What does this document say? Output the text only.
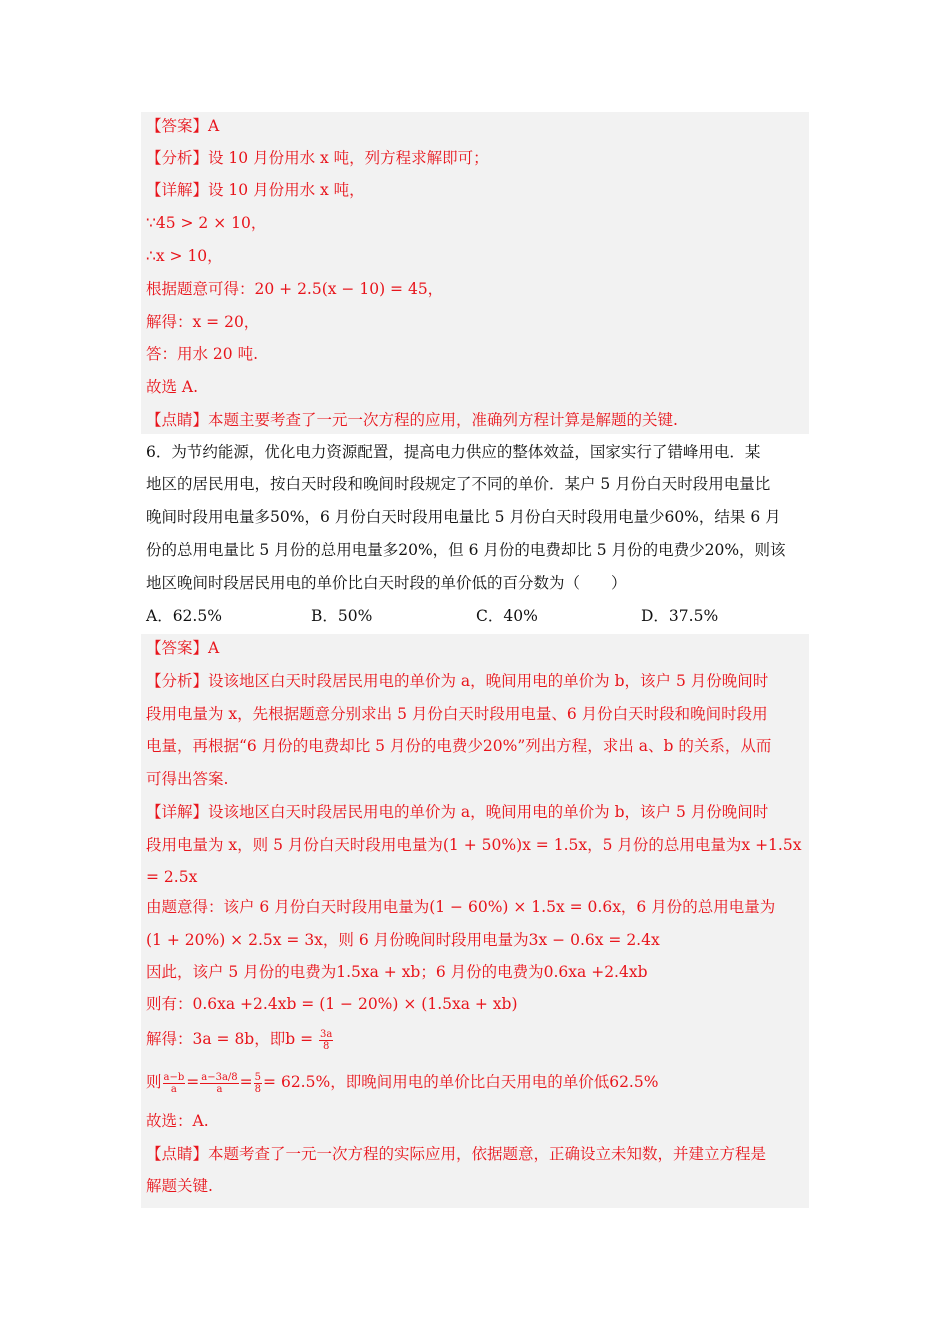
【答案】A
【分析】设 10 月份用水 x 吨，列方程求解即可；
【详解】设 10 月份用水 x 吨，
∵45 > 2 × 10，
∴x > 10，
根据题意可得：20 + 2.5(x − 10) = 45，
解得：x = 20，
答：用水 20 吨.
故选 A.
【点睛】本题主要考查了一元一次方程的应用，准确列方程计算是解题的关键.
6．为节约能源，优化电力资源配置，提高电力供应的整体效益，国家实行了错峰用电．某
地区的居民用电，按白天时段和晚间时段规定了不同的单价．某户 5 月份白天时段用电量比
晚间时段用电量多50%，6 月份白天时段用电量比 5 月份白天时段用电量少60%，结果 6 月
份的总用电量比 5 月份的总用电量多20%，但 6 月份的电费却比 5 月份的电费少20%，则该
地区晚间时段居民用电的单价比白天时段的单价低的百分数为（　　）
A．62.5%	B．50%	C．40%	D．37.5%
【答案】A
【分析】设该地区白天时段居民用电的单价为 a，晚间用电的单价为 b，该户 5 月份晚间时
段用电量为 x，先根据题意分别求出 5 月份白天时段用电量、6 月份白天时段和晚间时段用
电量，再根据“6 月份的电费却比 5 月份的电费少20%”列出方程，求出 a、b 的关系，从而
可得出答案.
【详解】设该地区白天时段居民用电的单价为 a，晚间用电的单价为 b，该户 5 月份晚间时
段用电量为 x，则 5 月份白天时段用电量为(1 + 50%)x = 1.5x，5 月份的总用电量为x +1.5x
= 2.5x
由题意得：该户 6 月份白天时段用电量为(1 − 60%) × 1.5x = 0.6x，6 月份的总用电量为
(1 + 20%) × 2.5x = 3x，则 6 月份晚间时段用电量为3x − 0.6x = 2.4x
因此，该户 5 月份的电费为1.5xa + xb；6 月份的电费为0.6xa +2.4xb
则有：0.6xa +2.4xb = (1 − 20%) × (1.5xa + xb)
解得：3a = 8b，即$b = \frac{3a}{8}$
则 $\frac{a-b}{a} = \frac{a-3a/8}{a} = \frac{5}{8} = 62.5\%$，即晚间用电的单价比白天用电的单价低62.5%
故选：A.
【点睛】本题考查了一元一次方程的实际应用，依据题意，正确设立未知数，并建立方程是
解题关键.
